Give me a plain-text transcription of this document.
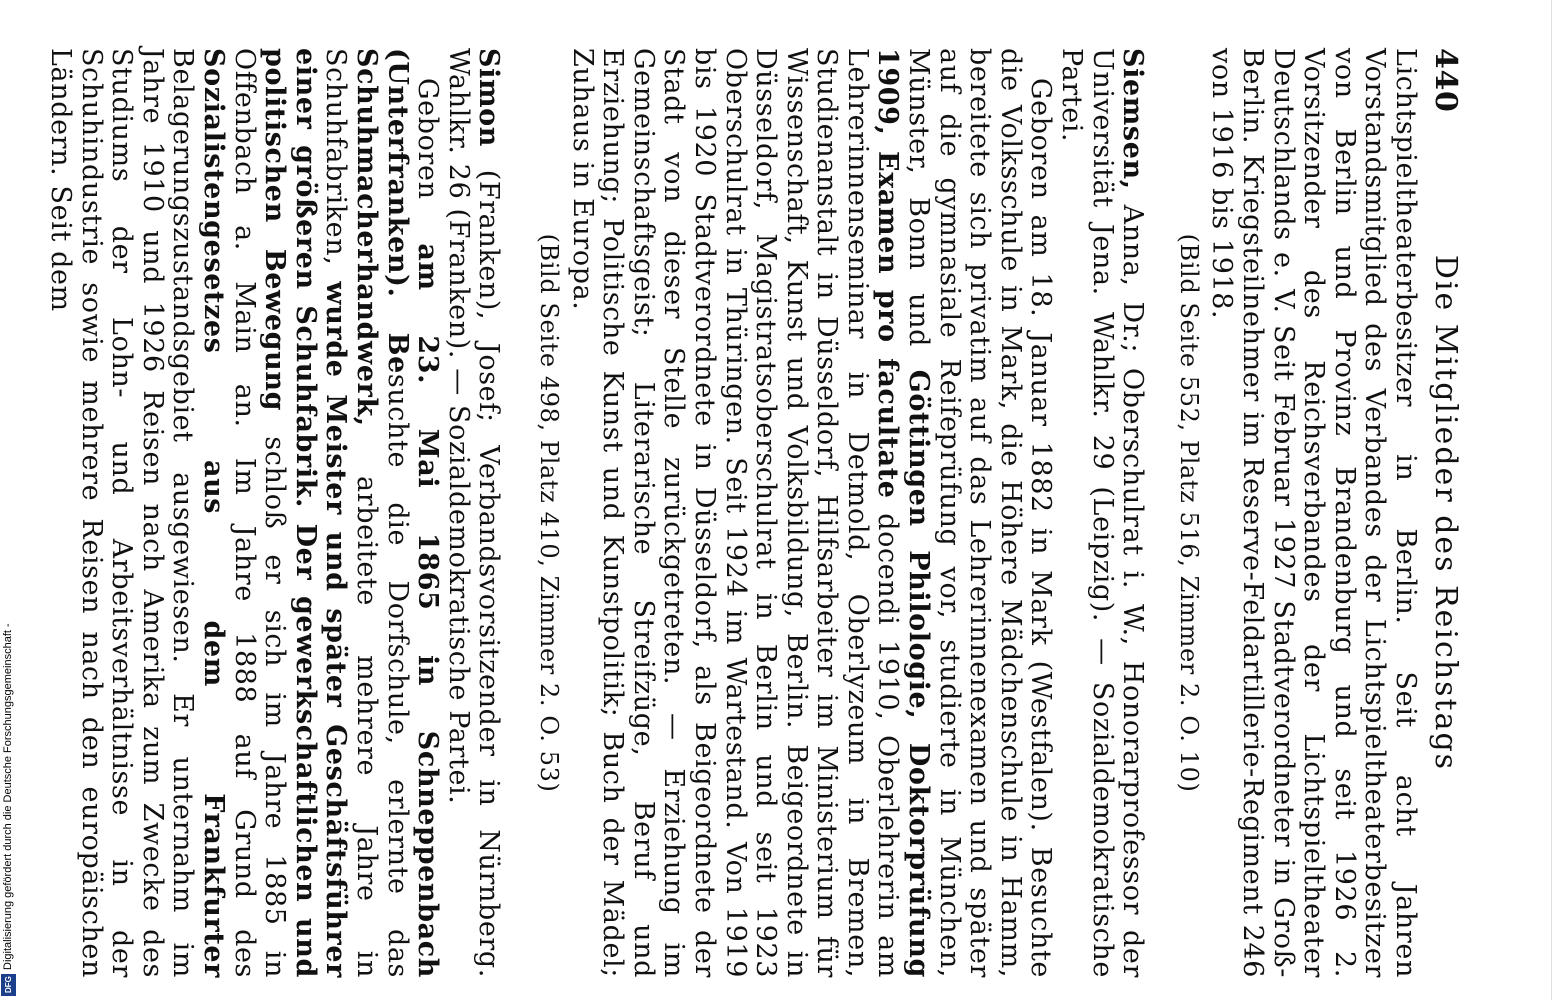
Digitalisierung gefördert durch die Deutsche Forschungsgemeinschaft -
DFG
440
Die Mitglieder des Reichstags

Lichtspieltheaterbesitzer in Berlin. Seit acht Jahren Vorstandsmitglied des Verbandes der Lichtspieltheaterbesitzer von Berlin und Provinz Brandenburg und seit 1926 2. Vorsitzender des Reichsverbandes der Lichtspieltheater Deutschlands e. V. Seit Februar 1927 Stadtverordneter in Groß-Berlin. Kriegsteilnehmer im Reserve-Feldartillerie-Regiment 246 von 1916 bis 1918.

(Bild Seite 552, Platz 516, Zimmer 2. O. 10)

Siemsen, Anna, Dr.; Oberschulrat i. W., Honorarprofessor der Universität Jena. Wahlkr. 29 (Leipzig). — Sozialdemokratische Partei.

Geboren am 18. Januar 1882 in Mark (Westfalen). Besuchte die Volksschule in Mark, die Höhere Mädchenschule in Hamm, bereitete sich privatim auf das Lehrerinnenexamen und später auf die gymnasiale Reifeprüfung vor, studierte in München, Münster, Bonn und Göttingen Philologie, Doktorprüfung 1909, Examen pro facultate docendi 1910, Oberlehrerin am Lehrerinnenseminar in Detmold, Oberlyzeum in Bremen, Studienanstalt in Düsseldorf, Hilfsarbeiter im Ministerium für Wissenschaft, Kunst und Volksbildung, Berlin. Beigeordnete in Düsseldorf, Magistratsoberschulrat in Berlin und seit 1923 Oberschulrat in Thüringen. Seit 1924 im Wartestand. Von 1919 bis 1920 Stadtverordnete in Düsseldorf, als Beigeordnete der Stadt von dieser Stelle zurückgetreten. — Erziehung im Gemeinschaftsgeist; Literarische Streifzüge, Beruf und Erziehung; Politische Kunst und Kunstpolitik; Buch der Mädel; Zuhaus in Europa.

(Bild Seite 498, Platz 410, Zimmer 2. O. 53)

Simon (Franken), Josef; Verbandsvorsitzender in Nürnberg. Wahlkr. 26 (Franken). — Sozialdemokratische Partei.

Geboren am 23. Mai 1865 in Schneppenbach (Unterfranken). Besuchte die Dorfschule, erlernte das Schuhmacherhandwerk, arbeitete mehrere Jahre in Schuhfabriken, wurde Meister und später Geschäftsführer einer größeren Schuhfabrik. Der gewerkschaftlichen und politischen Bewegung schloß er sich im Jahre 1885 in Offenbach a. Main an. Im Jahre 1888 auf Grund des Sozialistengesetzes aus dem Frankfurter Belagerungszustandsgebiet ausgewiesen. Er unternahm im Jahre 1910 und 1926 Reisen nach Amerika zum Zwecke des Studiums der Lohn- und Arbeitsverhältnisse in der Schuhindustrie sowie mehrere Reisen nach den europäischen Ländern. Seit dem
